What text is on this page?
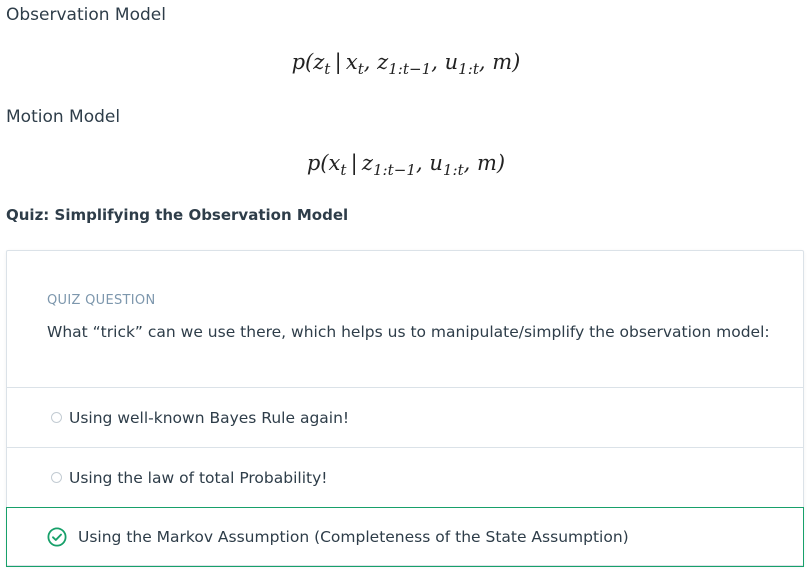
Observation Model
$p(z_t$ | $x_t$, $z_{1:t-1}$, $u_{1:t}$, m)
Motion Model
$p(x_t$ | $z_{1:t-1}$, $u_{1:t}$, m)
Quiz: Simplifying the Observation Model

QUIZ QUESTION

What “trick” can we use there, which helps us to manipulate/simplify the observation model:

Using well-known Bayes Rule again!
Using the law of total Probability!
Using the Markov Assumption (Completeness of the State Assumption)
